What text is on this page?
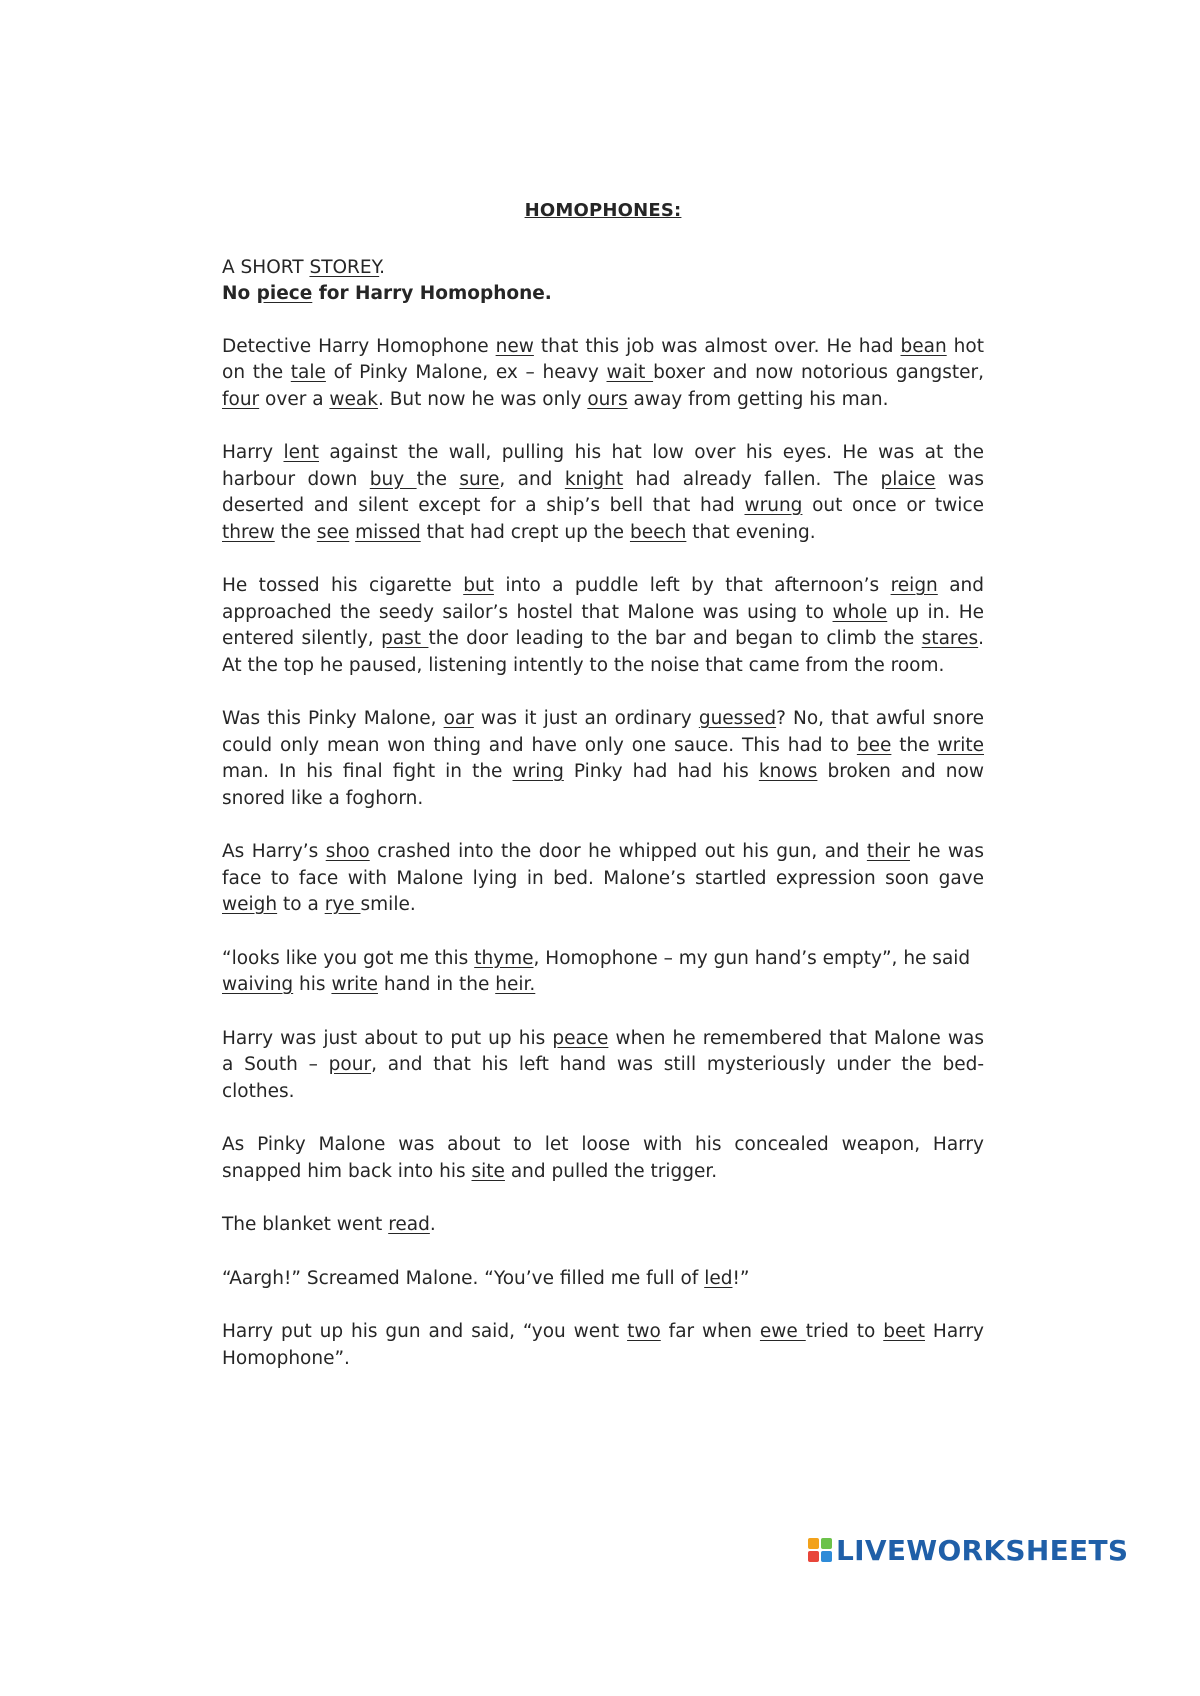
HOMOPHONES:
A SHORT STOREY.
No piece for Harry Homophone.

Detective Harry Homophone new that this job was almost over. He had bean hot on the tale of Pinky Malone, ex – heavy wait boxer and now notorious gangster, four over a weak. But now he was only ours away from getting his man.

Harry lent against the wall, pulling his hat low over his eyes. He was at the harbour down buy the sure, and knight had already fallen. The plaice was deserted and silent except for a ship’s bell that had wrung out once or twice threw the see missed that had crept up the beech that evening.

He tossed his cigarette but into a puddle left by that afternoon’s reign and approached the seedy sailor’s hostel that Malone was using to whole up in. He entered silently, past the door leading to the bar and began to climb the stares. At the top he paused, listening intently to the noise that came from the room.

Was this Pinky Malone, oar was it just an ordinary guessed? No, that awful snore could only mean won thing and have only one sauce. This had to bee the write man. In his final fight in the wring Pinky had had his knows broken and now snored like a foghorn.

As Harry’s shoo crashed into the door he whipped out his gun, and their he was face to face with Malone lying in bed. Malone’s startled expression soon gave weigh to a rye smile.

“looks like you got me this thyme, Homophone – my gun hand’s empty”, he said waiving his write hand in the heir.

Harry was just about to put up his peace when he remembered that Malone was a South – pour, and that his left hand was still mysteriously under the bed-clothes.

As Pinky Malone was about to let loose with his concealed weapon, Harry snapped him back into his site and pulled the trigger.

The blanket went read.

“Aargh!” Screamed Malone. “You’ve filled me full of led!”

Harry put up his gun and said, “you went two far when ewe tried to beet Harry Homophone”.

LIVEWORKSHEETS
